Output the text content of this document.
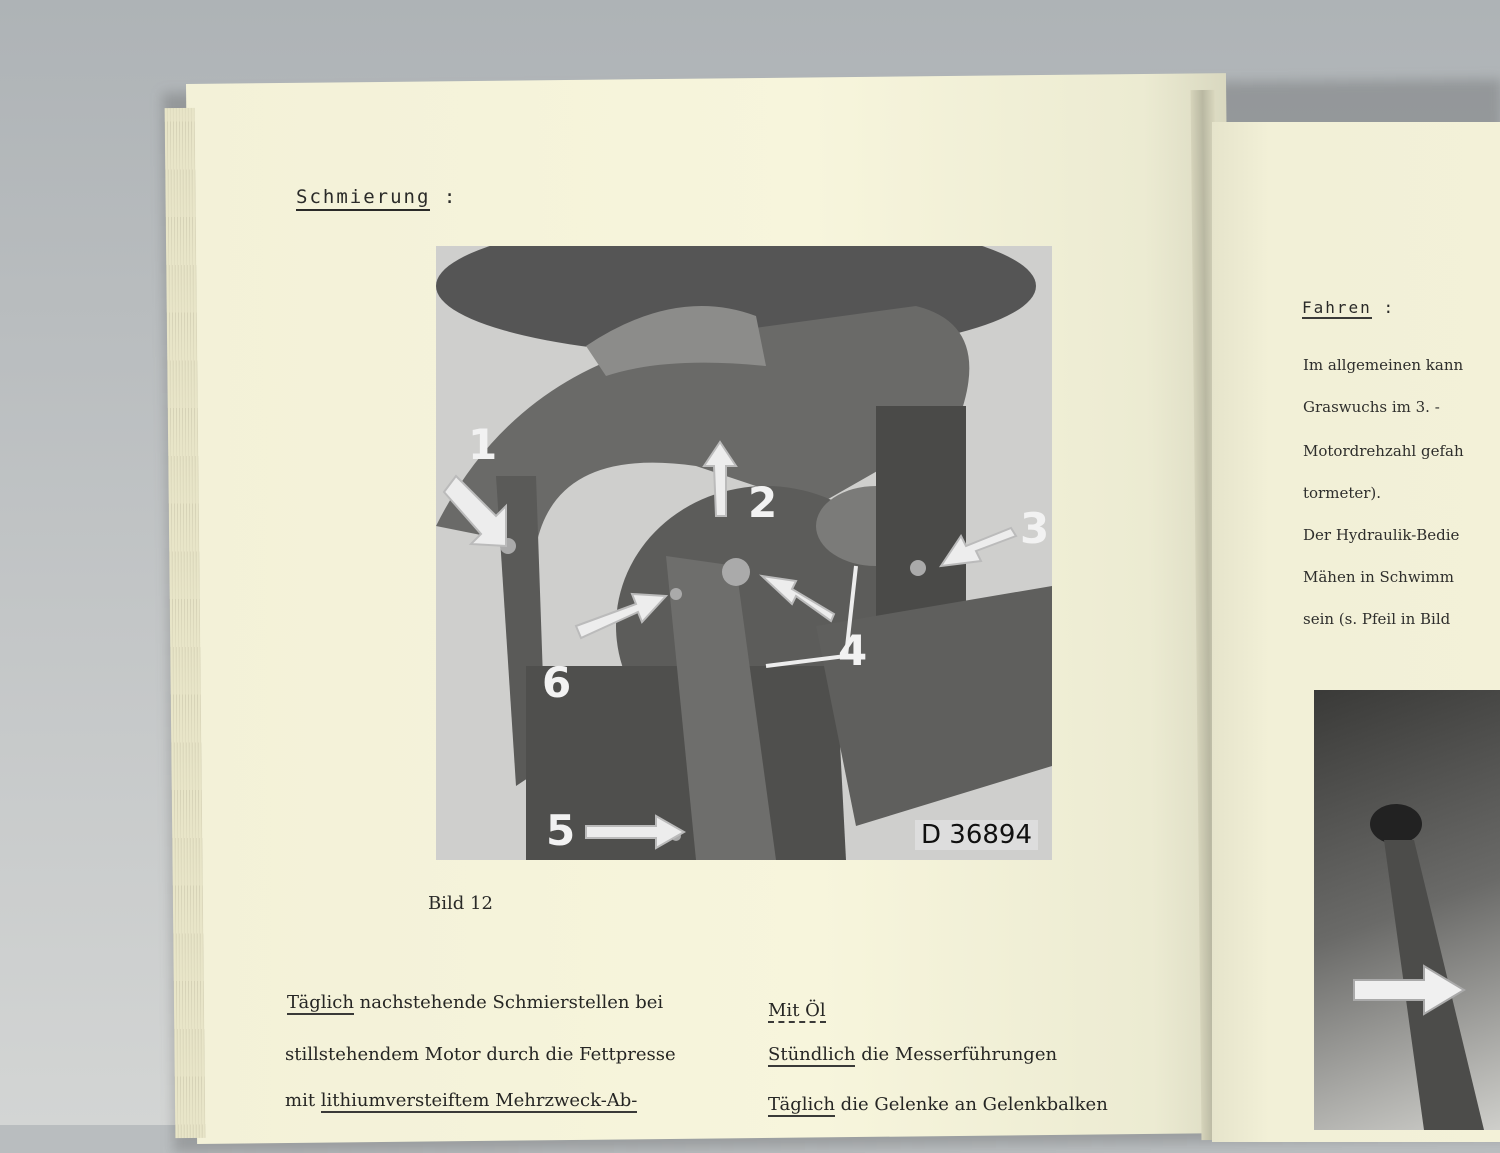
Schmierung :
1
2
3
4
5
6
D 36894
Bild 12
Täglich nachstehende Schmierstellen bei
stillstehendem Motor durch die Fettpresse
mit lithiumversteiftem Mehrzweck-Ab-
Mit Öl
Stündlich die Messerführungen
Täglich die Gelenke an Gelenkbalken
Fahren :
Im allgemeinen kann
Graswuchs im 3. -
Motordrehzahl gefah
tormeter).
Der Hydraulik-Bedie
Mähen in Schwimm
sein (s. Pfeil in Bild
